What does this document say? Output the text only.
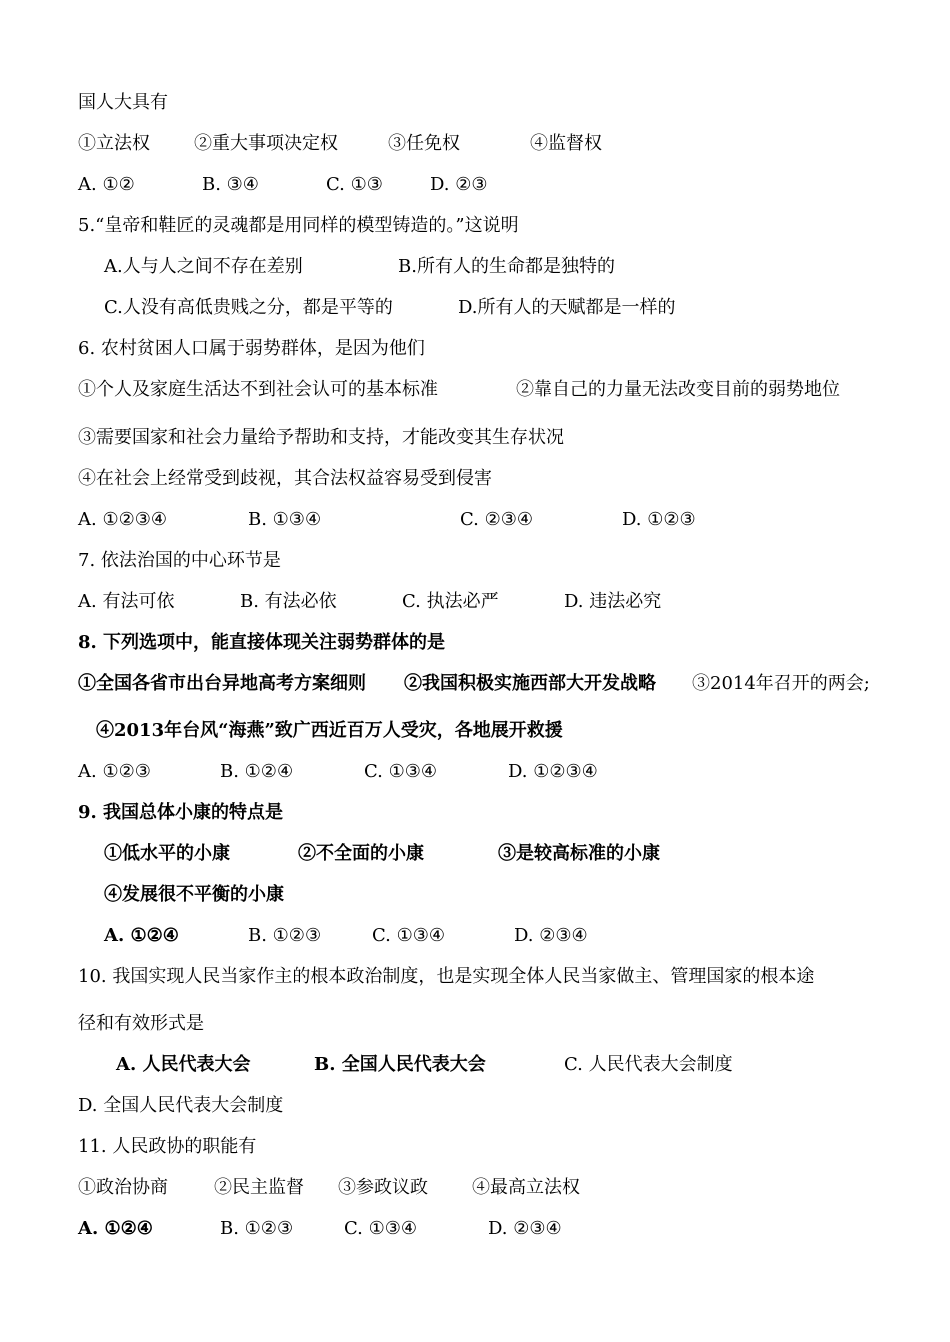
国人大具有
①立法权 ②重大事项决定权	③任免权	④监督权
A. ①②	B. ③④	C. ①③	D. ②③
5.“皇帝和鞋匠的灵魂都是用同样的模型铸造的。”这说明
A.人与人之间不存在差别	B.所有人的生命都是独特的
C.人没有高低贵贱之分，都是平等的	D.所有人的天赋都是一样的
6. 农村贫困人口属于弱势群体，是因为他们
①个人及家庭生活达不到社会认可的基本标准	②靠自己的力量无法改变目前的弱势地位
③需要国家和社会力量给予帮助和支持，才能改变其生存状况
④在社会上经常受到歧视，其合法权益容易受到侵害
A. ①②③④	B. ①③④	C. ②③④	D. ①②③
7. 依法治国的中心环节是
A. 有法可依	B. 有法必依	C. 执法必严	D. 违法必究
8. 下列选项中，能直接体现关注弱势群体的是
①全国各省市出台异地高考方案细则 ②我国积极实施西部大开发战略 ③2014年召开的两会;
④2013年台风“海燕”致广西近百万人受灾，各地展开救援
A. ①②③	B. ①②④	C. ①③④	D. ①②③④
9. 我国总体小康的特点是
①低水平的小康	②不全面的小康	③是较高标准的小康
④发展很不平衡的小康
A. ①②④	B. ①②③	C. ①③④	D. ②③④
10. 我国实现人民当家作主的根本政治制度，也是实现全体人民当家做主、管理国家的根本途
径和有效形式是
A. 人民代表大会	B. 全国人民代表大会	C. 人民代表大会制度
D. 全国人民代表大会制度
11. 人民政协的职能有
①政治协商	②民主监督 ③参政议政 ④最高立法权
A. ①②④	B. ①②③	C. ①③④	D. ②③④
